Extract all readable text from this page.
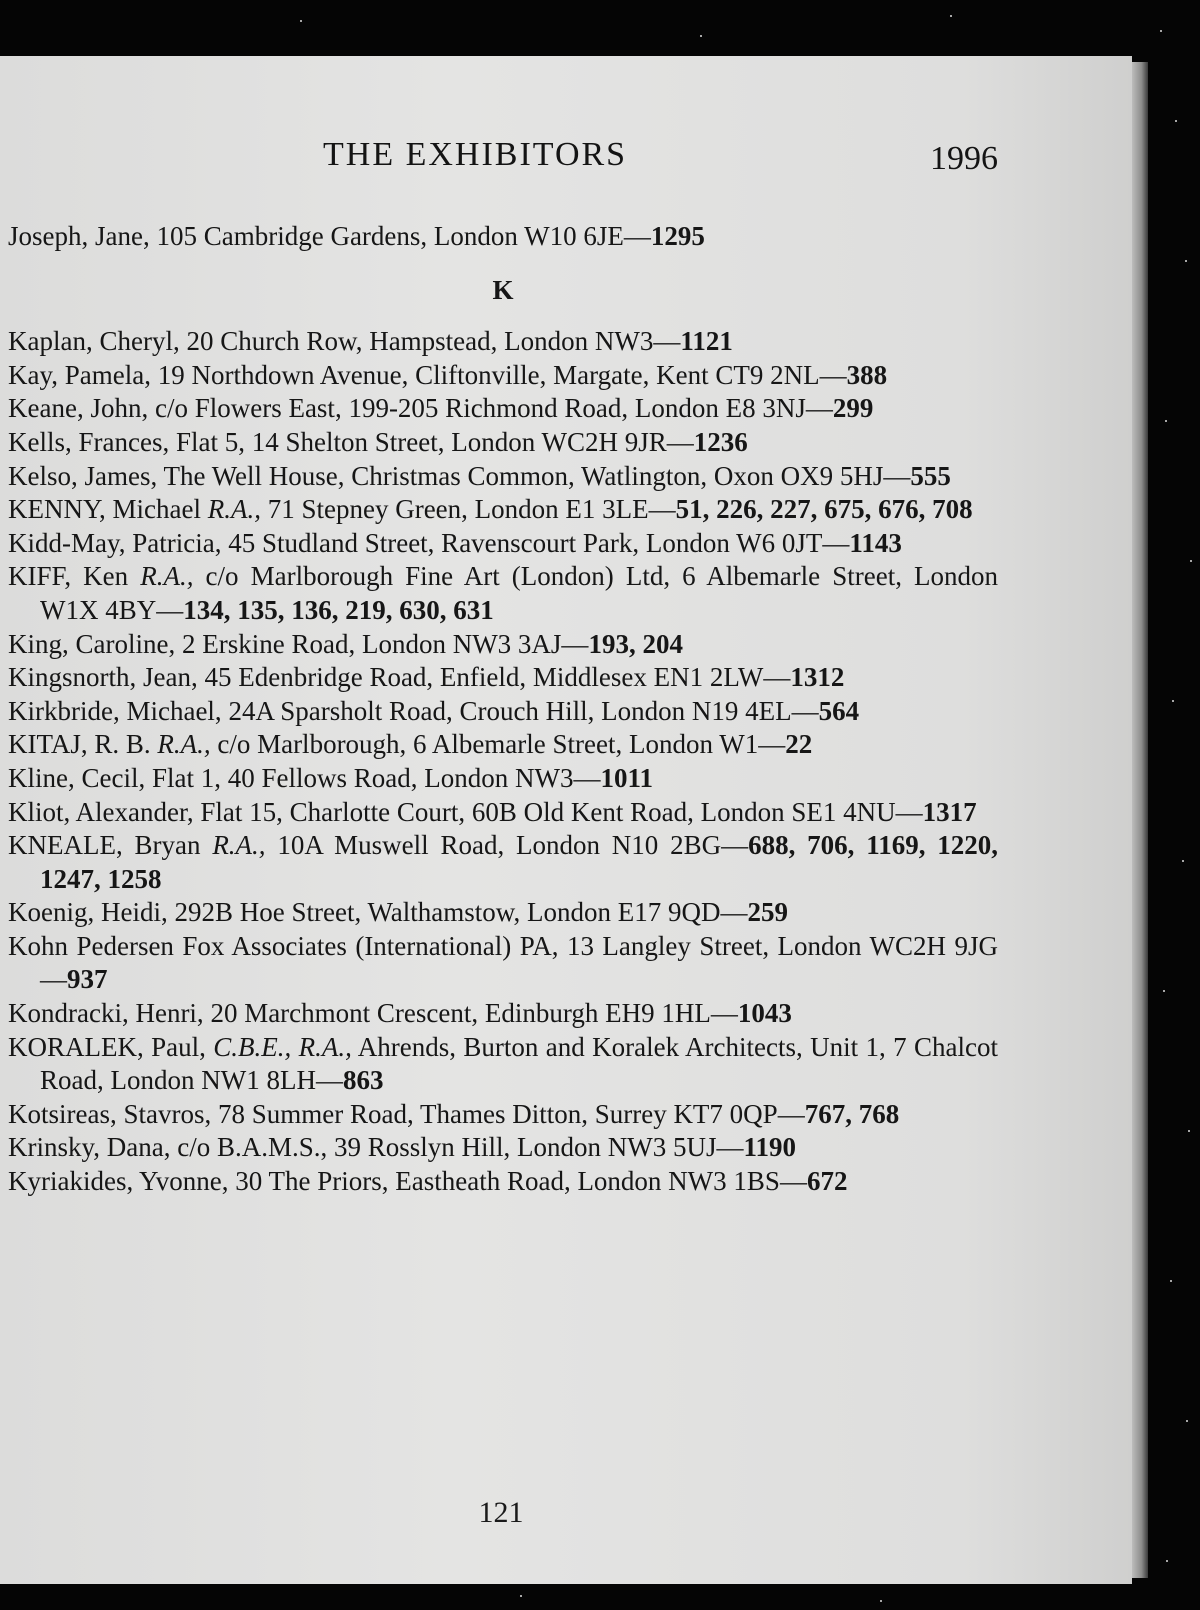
THE EXHIBITORS	1996
Joseph, Jane, 105 Cambridge Gardens, London W10 6JE—1295
K
Kaplan, Cheryl, 20 Church Row, Hampstead, London NW3—1121
Kay, Pamela, 19 Northdown Avenue, Cliftonville, Margate, Kent CT9 2NL—388
Keane, John, c/o Flowers East, 199-205 Richmond Road, London E8 3NJ—299
Kells, Frances, Flat 5, 14 Shelton Street, London WC2H 9JR—1236
Kelso, James, The Well House, Christmas Common, Watlington, Oxon OX9 5HJ—555
KENNY, Michael R.A., 71 Stepney Green, London E1 3LE—51, 226, 227, 675, 676, 708
Kidd-May, Patricia, 45 Studland Street, Ravenscourt Park, London W6 0JT—1143
KIFF, Ken R.A., c/o Marlborough Fine Art (London) Ltd, 6 Albemarle Street, London W1X 4BY—134, 135, 136, 219, 630, 631
King, Caroline, 2 Erskine Road, London NW3 3AJ—193, 204
Kingsnorth, Jean, 45 Edenbridge Road, Enfield, Middlesex EN1 2LW—1312
Kirkbride, Michael, 24A Sparsholt Road, Crouch Hill, London N19 4EL—564
KITAJ, R. B. R.A., c/o Marlborough, 6 Albemarle Street, London W1—22
Kline, Cecil, Flat 1, 40 Fellows Road, London NW3—1011
Kliot, Alexander, Flat 15, Charlotte Court, 60B Old Kent Road, London SE1 4NU—1317
KNEALE, Bryan R.A., 10A Muswell Road, London N10 2BG—688, 706, 1169, 1220, 1247, 1258
Koenig, Heidi, 292B Hoe Street, Walthamstow, London E17 9QD—259
Kohn Pedersen Fox Associates (International) PA, 13 Langley Street, London WC2H 9JG—937
Kondracki, Henri, 20 Marchmont Crescent, Edinburgh EH9 1HL—1043
KORALEK, Paul, C.B.E., R.A., Ahrends, Burton and Koralek Architects, Unit 1, 7 Chalcot Road, London NW1 8LH—863
Kotsireas, Stavros, 78 Summer Road, Thames Ditton, Surrey KT7 0QP—767, 768
Krinsky, Dana, c/o B.A.M.S., 39 Rosslyn Hill, London NW3 5UJ—1190
Kyriakides, Yvonne, 30 The Priors, Eastheath Road, London NW3 1BS—672
121
